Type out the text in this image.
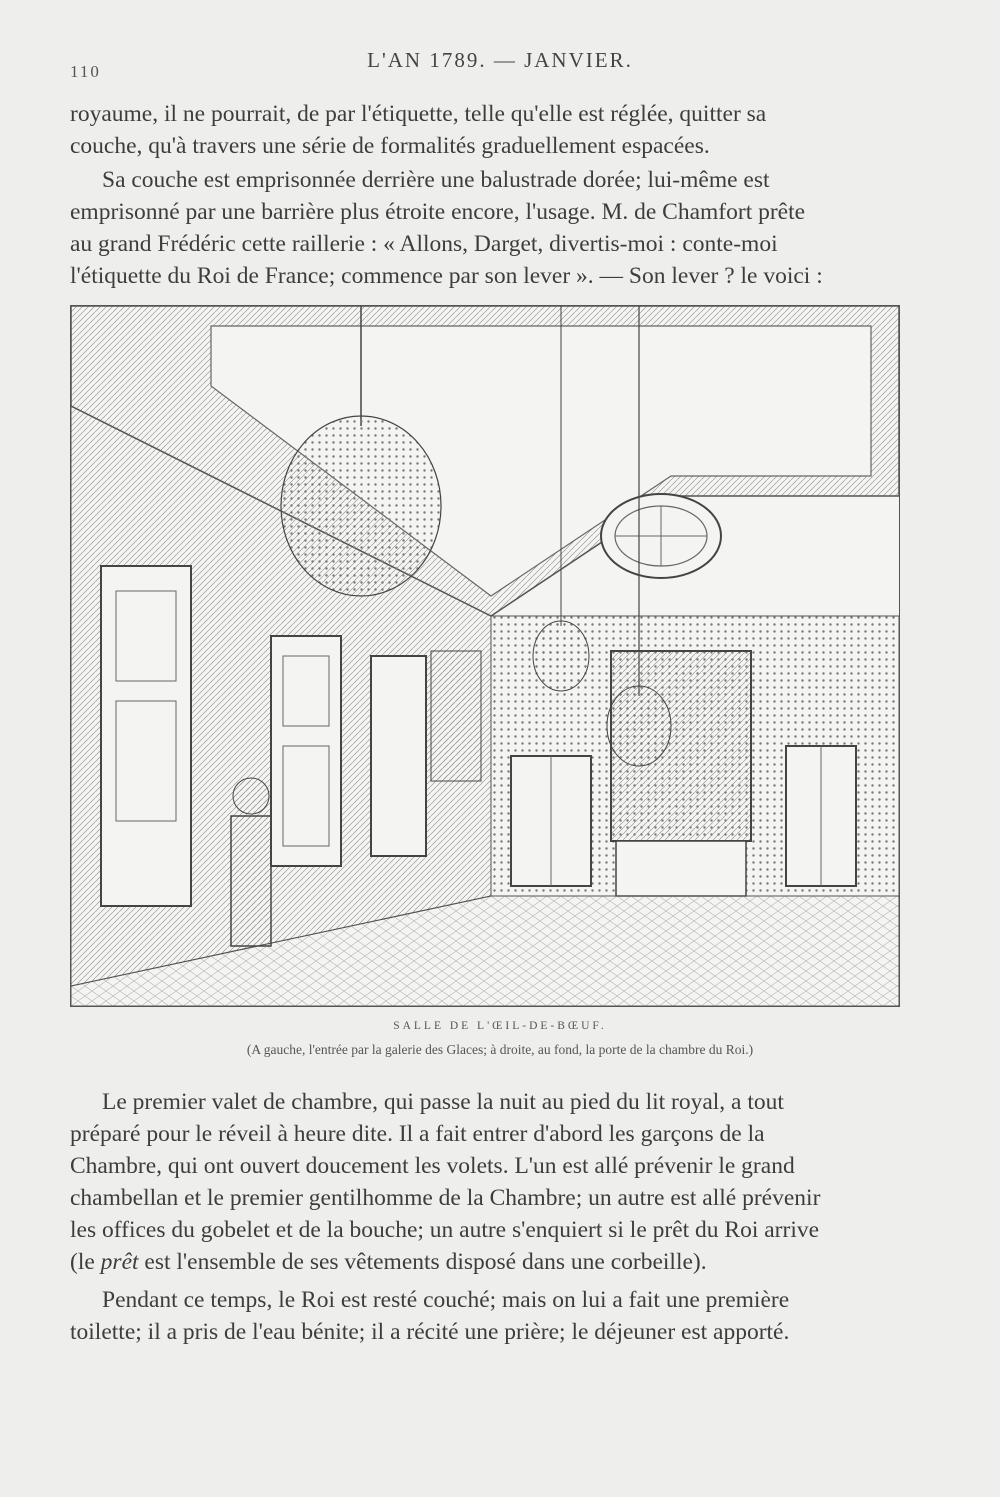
110	L'AN 1789. — JANVIER.
royaume, il ne pourrait, de par l'étiquette, telle qu'elle est réglée, quitter sa
couche, qu'à travers une série de formalités graduellement espacées.
Sa couche est emprisonnée derrière une balustrade dorée; lui-même est
emprisonné par une barrière plus étroite encore, l'usage. M. de Chamfort prête
au grand Frédéric cette raillerie : « Allons, Darget, divertis-moi : conte-moi
l'étiquette du Roi de France; commence par son lever ». — Son lever ? le voici :
SALLE DE L'ŒIL-DE-BŒUF.
(A gauche, l'entrée par la galerie des Glaces; à droite, au fond, la porte de la chambre du Roi.)
Le premier valet de chambre, qui passe la nuit au pied du lit royal, a tout
préparé pour le réveil à heure dite. Il a fait entrer d'abord les garçons de la
Chambre, qui ont ouvert doucement les volets. L'un est allé prévenir le grand
chambellan et le premier gentilhomme de la Chambre; un autre est allé prévenir
les offices du gobelet et de la bouche; un autre s'enquiert si le prêt du Roi arrive
(le prêt est l'ensemble de ses vêtements disposé dans une corbeille).
Pendant ce temps, le Roi est resté couché; mais on lui a fait une première
toilette; il a pris de l'eau bénite; il a récité une prière; le déjeuner est apporté.
